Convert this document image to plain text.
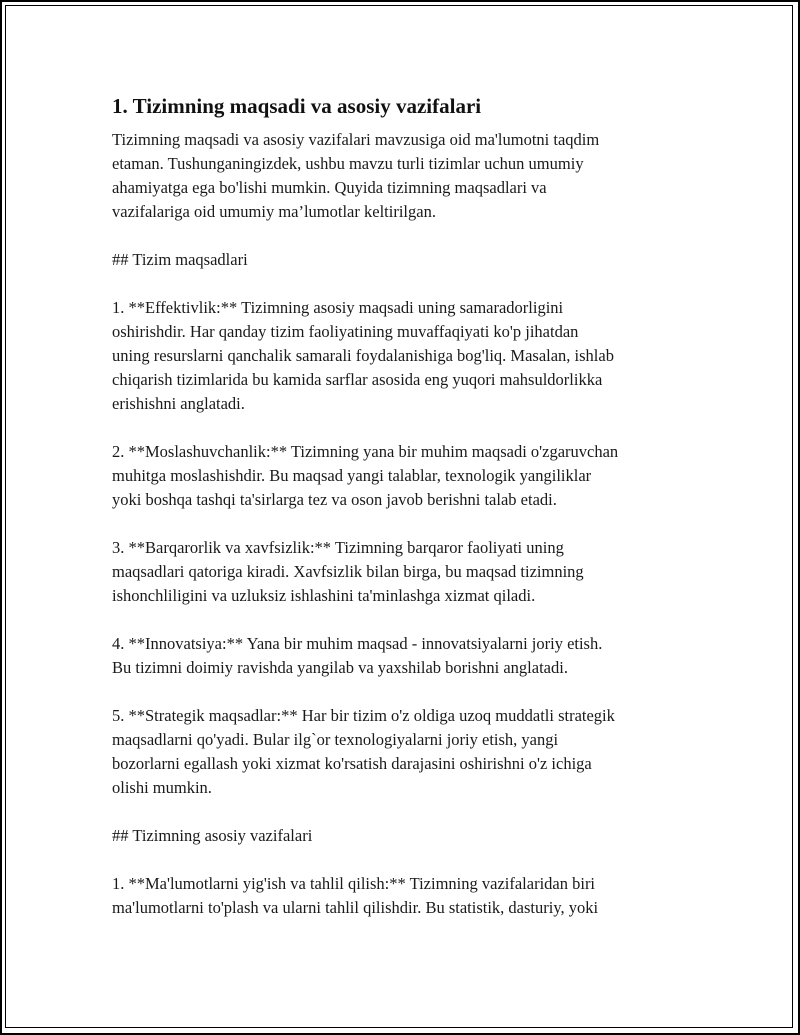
1. Tizimning maqsadi va asosiy vazifalari

Tizimning maqsadi va asosiy vazifalari mavzusiga oid ma'lumotni taqdim
etaman. Tushunganingizdek, ushbu mavzu turli tizimlar uchun umumiy
ahamiyatga ega bo'lishi mumkin. Quyida tizimning maqsadlari va
vazifalariga oid umumiy ma’lumotlar keltirilgan.

## Tizim maqsadlari

1. **Effektivlik:** Tizimning asosiy maqsadi uning samaradorligini
oshirishdir. Har qanday tizim faoliyatining muvaffaqiyati ko'p jihatdan
uning resurslarni qanchalik samarali foydalanishiga bog'liq. Masalan, ishlab
chiqarish tizimlarida bu kamida sarflar asosida eng yuqori mahsuldorlikka
erishishni anglatadi.

2. **Moslashuvchanlik:** Tizimning yana bir muhim maqsadi o'zgaruvchan
muhitga moslashishdir. Bu maqsad yangi talablar, texnologik yangiliklar
yoki boshqa tashqi ta'sirlarga tez va oson javob berishni talab etadi.

3. **Barqarorlik va xavfsizlik:** Tizimning barqaror faoliyati uning
maqsadlari qatoriga kiradi. Xavfsizlik bilan birga, bu maqsad tizimning
ishonchliligini va uzluksiz ishlashini ta'minlashga xizmat qiladi.

4. **Innovatsiya:** Yana bir muhim maqsad - innovatsiyalarni joriy etish.
Bu tizimni doimiy ravishda yangilab va yaxshilab borishni anglatadi.

5. **Strategik maqsadlar:** Har bir tizim o'z oldiga uzoq muddatli strategik
maqsadlarni qo'yadi. Bular ilg`or texnologiyalarni joriy etish, yangi
bozorlarni egallash yoki xizmat ko'rsatish darajasini oshirishni o'z ichiga
olishi mumkin.

## Tizimning asosiy vazifalari

1. **Ma'lumotlarni yig'ish va tahlil qilish:** Tizimning vazifalaridan biri
ma'lumotlarni to'plash va ularni tahlil qilishdir. Bu statistik, dasturiy, yoki
